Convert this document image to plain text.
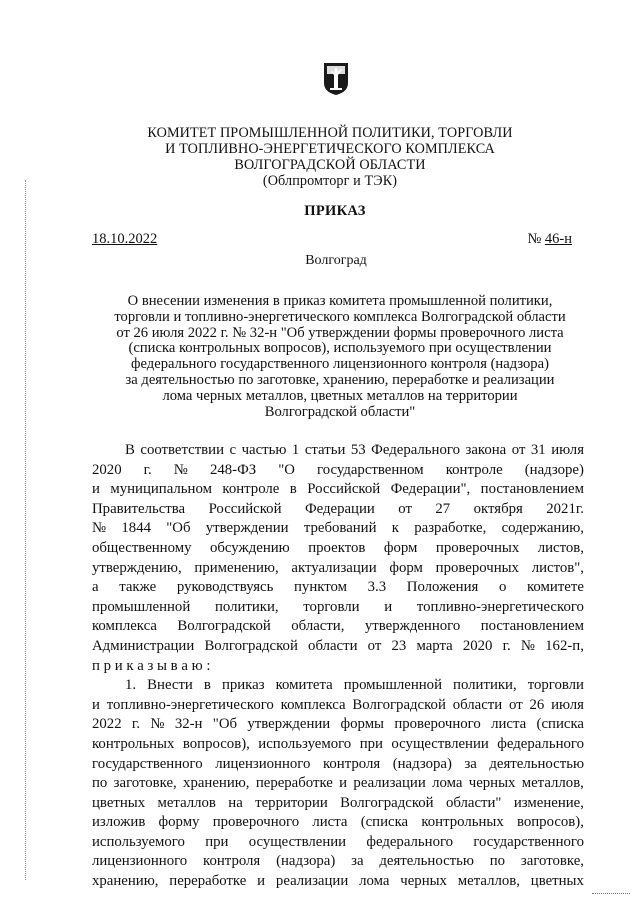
КОМИТЕТ ПРОМЫШЛЕННОЙ ПОЛИТИКИ, ТОРГОВЛИ
И ТОПЛИВНО-ЭНЕРГЕТИЧЕСКОГО КОМПЛЕКСА
ВОЛГОГРАДСКОЙ ОБЛАСТИ
(Облпромторг и ТЭК)
ПРИКАЗ
18.10.2022	№ 46-н
Волгоград
О внесении изменения в приказ комитета промышленной политики,
торговли и топливно-энергетического комплекса Волгоградской области
от 26 июля 2022 г. № 32-н "Об утверждении формы проверочного листа
(списка контрольных вопросов), используемого при осуществлении
федерального государственного лицензионного контроля (надзора)
за деятельностью по заготовке, хранению, переработке и реализации
лома черных металлов, цветных металлов на территории
Волгоградской области"
В соответствии с частью 1 статьи 53 Федерального закона от 31 июля
2020 г. № 248-ФЗ "О государственном контроле (надзоре)
и муниципальном контроле в Российской Федерации", постановлением
Правительства Российской Федерации от 27 октября 2021г.
№ 1844 "Об утверждении требований к разработке, содержанию,
общественному обсуждению проектов форм проверочных листов,
утверждению, применению, актуализации форм проверочных листов",
а также руководствуясь пунктом 3.3 Положения о комитете
промышленной политики, торговли и топливно-энергетического
комплекса Волгоградской области, утвержденного постановлением
Администрации Волгоградской области от 23 марта 2020 г. № 162-п,
п р и к а з ы в а ю :
1. Внести в приказ комитета промышленной политики, торговли
и топливно-энергетического комплекса Волгоградской области от 26 июля
2022 г. № 32-н "Об утверждении формы проверочного листа (списка
контрольных вопросов), используемого при осуществлении федерального
государственного лицензионного контроля (надзора) за деятельностью
по заготовке, хранению, переработке и реализации лома черных металлов,
цветных металлов на территории Волгоградской области" изменение,
изложив форму проверочного листа (списка контрольных вопросов),
используемого при осуществлении федерального государственного
лицензионного контроля (надзора) за деятельностью по заготовке,
хранению, переработке и реализации лома черных металлов, цветных
